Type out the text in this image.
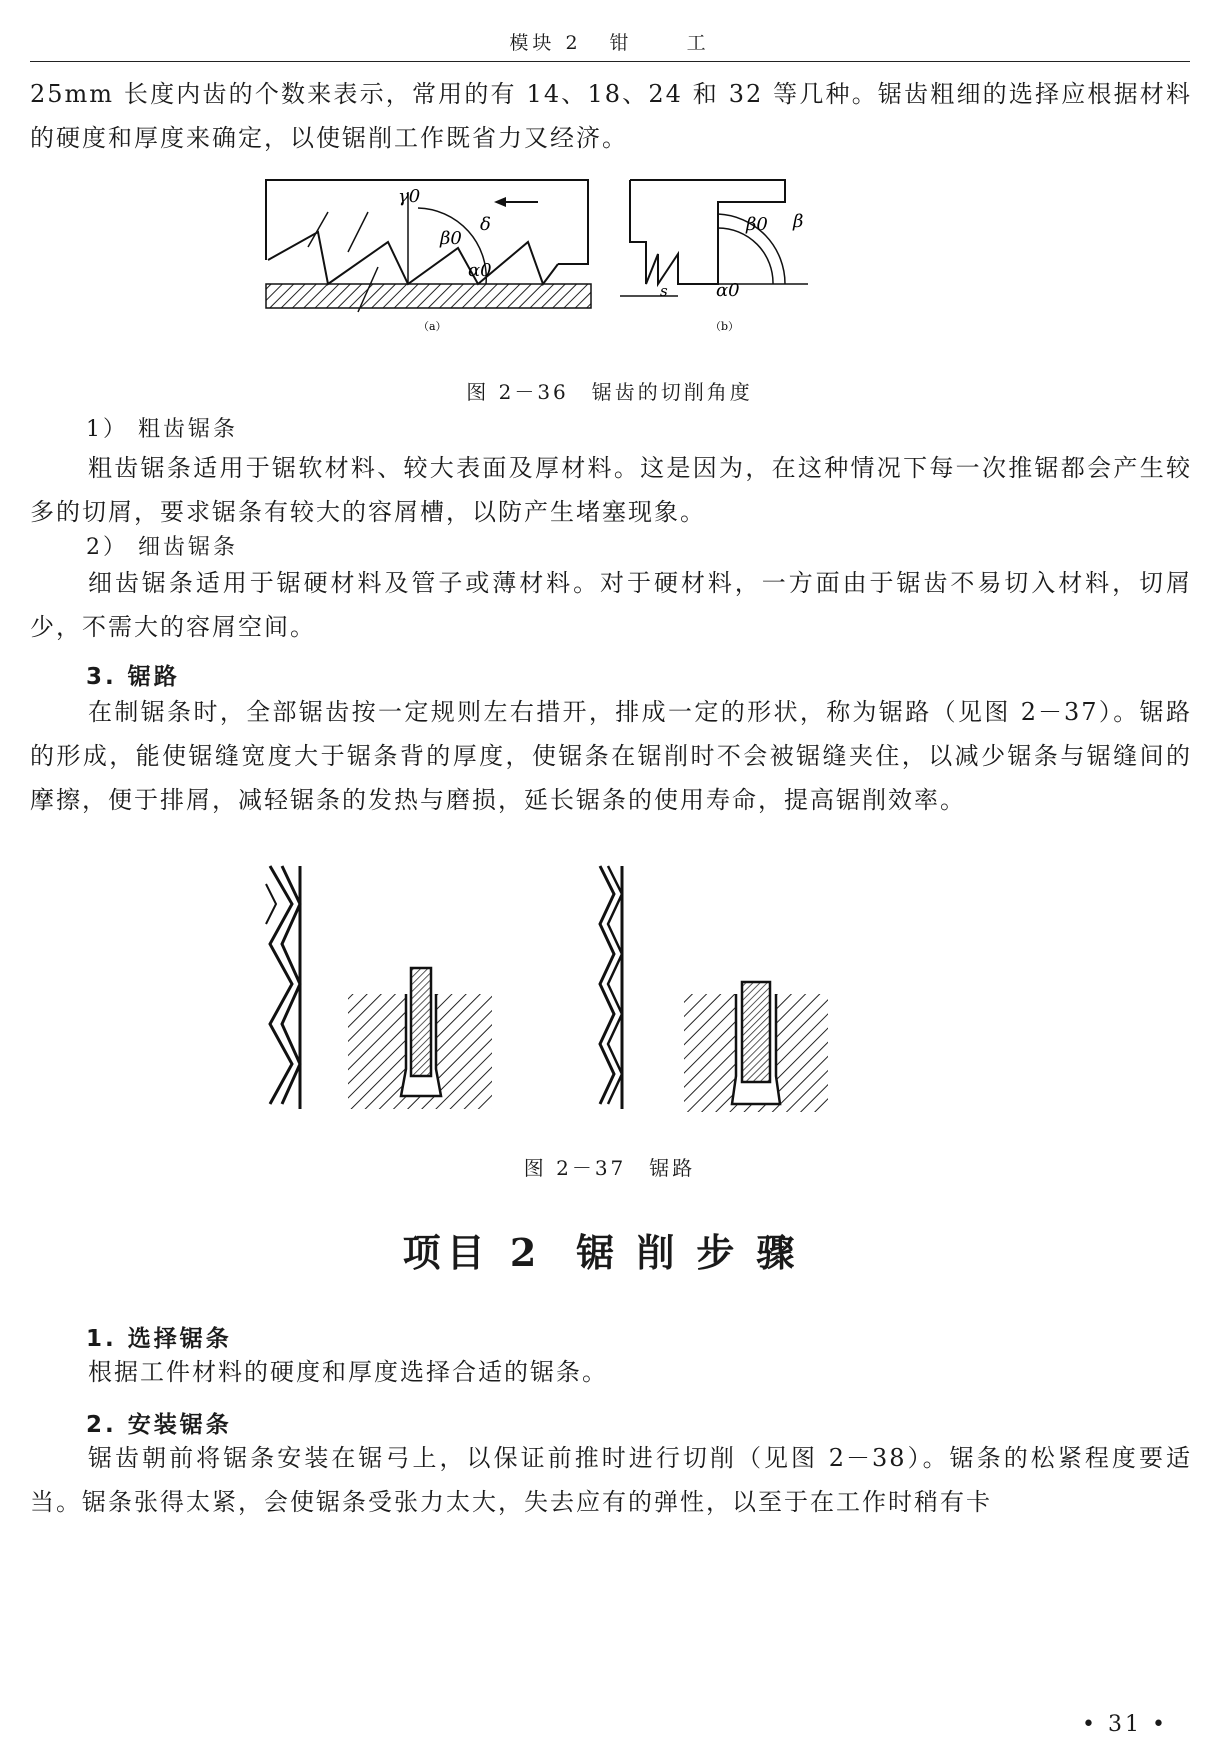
模块 2 钳	工
25mm 长度内齿的个数来表示，常用的有 14、18、24 和 32 等几种。锯齿粗细的选择应根据材料的硬度和厚度来确定，以使锯削工作既省力又经济。
γ0
β0
δ
α0
（a）
β0 β
α0
s
（b）
图 2－36　锯齿的切削角度
1） 粗齿锯条
粗齿锯条适用于锯软材料、较大表面及厚材料。这是因为，在这种情况下每一次推锯都会产生较多的切屑，要求锯条有较大的容屑槽，以防产生堵塞现象。
2） 细齿锯条
细齿锯条适用于锯硬材料及管子或薄材料。对于硬材料，一方面由于锯齿不易切入材料，切屑少，不需大的容屑空间。
3. 锯路
在制锯条时，全部锯齿按一定规则左右措开，排成一定的形状，称为锯路（见图 2－37）。锯路的形成，能使锯缝宽度大于锯条背的厚度，使锯条在锯削时不会被锯缝夹住，以减少锯条与锯缝间的摩擦，便于排屑，减轻锯条的发热与磨损，延长锯条的使用寿命，提高锯削效率。
图 2－37　锯路
项目 2 锯削步骤
1. 选择锯条
根据工件材料的硬度和厚度选择合适的锯条。
2. 安装锯条
锯齿朝前将锯条安装在锯弓上，以保证前推时进行切削（见图 2－38）。锯条的松紧程度要适当。锯条张得太紧，会使锯条受张力太大，失去应有的弹性，以至于在工作时稍有卡
• 31 •
